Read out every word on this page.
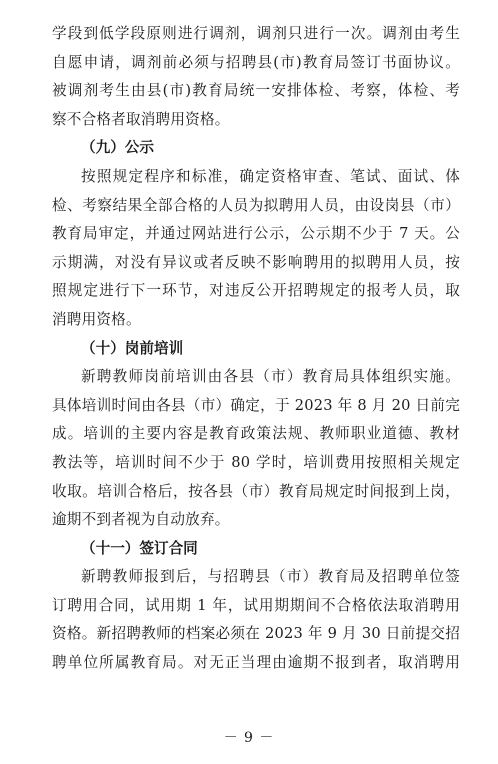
学段到低学段原则进行调剂，调剂只进行一次。调剂由考生
自愿申请，调剂前必须与招聘县(市)教育局签订书面协议。
被调剂考生由县(市)教育局统一安排体检、考察，体检、考
察不合格者取消聘用资格。
（九）公示
按照规定程序和标准，确定资格审查、笔试、面试、体
检、考察结果全部合格的人员为拟聘用人员，由设岗县（市）
教育局审定，并通过网站进行公示，公示期不少于 7 天。公
示期满，对没有异议或者反映不影响聘用的拟聘用人员，按
照规定进行下一环节，对违反公开招聘规定的报考人员，取
消聘用资格。
（十）岗前培训
新聘教师岗前培训由各县（市）教育局具体组织实施。
具体培训时间由各县（市）确定，于 2023 年 8 月 20 日前完
成。培训的主要内容是教育政策法规、教师职业道德、教材
教法等，培训时间不少于 80 学时，培训费用按照相关规定
收取。培训合格后，按各县（市）教育局规定时间报到上岗，
逾期不到者视为自动放弃。
（十一）签订合同
新聘教师报到后，与招聘县（市）教育局及招聘单位签
订聘用合同，试用期 1 年，试用期期间不合格依法取消聘用
资格。新招聘教师的档案必须在 2023 年 9 月 30 日前提交招
聘单位所属教育局。对无正当理由逾期不报到者，取消聘用
－ 9 －
